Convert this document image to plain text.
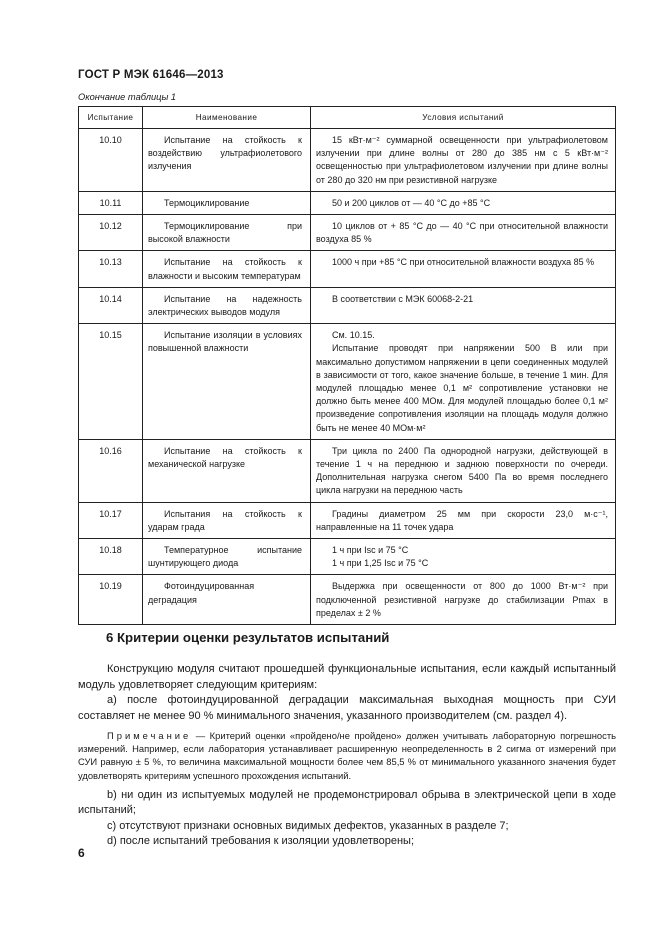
ГОСТ Р МЭК 61646—2013
Окончание таблицы 1
Испытание	Наименование	Условия испытаний
10.10	Испытание на стойкость к воздействию ультрафиолетового излучения	15 кВт·м⁻² суммарной освещенности при ультрафиолетовом излучении при длине волны от 280 до 385 нм с 5 кВт·м⁻² освещенностью при ультрафиолетовом излучении при длине волны от 280 до 320 нм при резистивной нагрузке

10.11	Термоциклирование	50 и 200 циклов от — 40 °С до +85 °С

10.12	Термоциклирование при высокой влажности	10 циклов от + 85 °С до — 40 °С при относительной влажности воздуха 85 %

10.13	Испытание на стойкость к влажности и высоким температурам	1000 ч при +85 °С при относительной влажности воздуха 85 %

10.14	Испытание на надежность электрических выводов модуля	В соответствии с МЭК 60068-2-21

10.15	Испытание изоляции в условиях повышенной влажности	См. 10.15.
Испытание проводят при напряжении 500 В или при максимально допустимом напряжении в цепи соединенных модулей в зависимости от того, какое значение больше, в течение 1 мин. Для модулей площадью менее 0,1 м² сопротивление установки не должно быть менее 400 МОм. Для модулей площадью более 0,1 м² произведение сопротивления изоляции на площадь модуля должно быть не менее 40 МОм·м²

10.16	Испытание на стойкость к механической нагрузке	Три цикла по 2400 Па однородной нагрузки, действующей в течение 1 ч на переднюю и заднюю поверхности по очереди. Дополнительная нагрузка снегом 5400 Па во время последнего цикла нагрузки на переднюю часть

10.17	Испытания на стойкость к ударам града	Градины диаметром 25 мм при скорости 23,0 м·с⁻¹, направленные на 11 точек удара

10.18	Температурное испытание шунтирующего диода	1 ч при Isc и 75 °С
1 ч при 1,25 Isc и 75 °С

10.19	Фотоиндуцированная деградация	Выдержка при освещенности от 800 до 1000 Вт·м⁻² при подключенной резистивной нагрузке до стабилизации Pmax в пределах ± 2 %
6 Критерии оценки результатов испытаний

Конструкцию модуля считают прошедшей функциональные испытания, если каждый испытанный модуль удовлетворяет следующим критериям:

а) после фотоиндуцированной деградации максимальная выходная мощность при СУИ составляет не менее 90 % минимального значения, указанного производителем (см. раздел 4).

Примечание — Критерий оценки «пройдено/не пройдено» должен учитывать лабораторную погрешность измерений. Например, если лаборатория устанавливает расширенную неопределенность в 2 сигма от измерений при СУИ равную ± 5 %, то величина максимальной мощности более чем 85,5 % от минимального указанного значения будет удовлетворять критериям успешного прохождения испытаний.

b) ни один из испытуемых модулей не продемонстрировал обрыва в электрической цепи в ходе испытаний;

c) отсутствуют признаки основных видимых дефектов, указанных в разделе 7;

d) после испытаний требования к изоляции удовлетворены;

6
